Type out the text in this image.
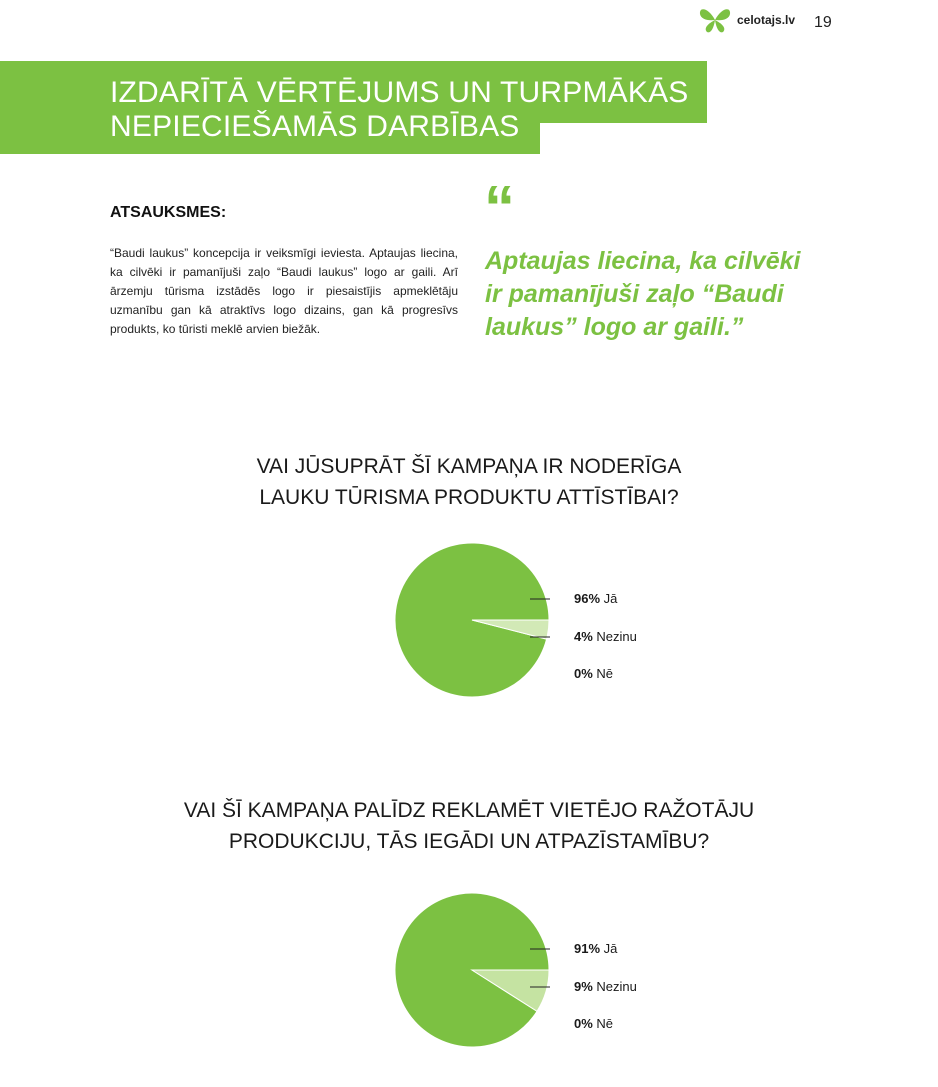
celotajs.lv 19
IZDARĪTĀ VĒRTĒJUMS UN TURPMĀKĀS
NEPIECIEŠAMĀS DARBĪBAS
ATSAUKSMES:

“Baudi laukus” koncepcija ir veiksmīgi ieviesta. Aptaujas liecina, ka cilvēki ir pamanījuši zaļo “Baudi laukus” logo ar gaili. Arī ārzemju tūrisma izstādēs logo ir piesaistījis apmeklētāju uzmanību gan kā atraktīvs logo dizains, gan kā progresīvs produkts, ko tūristi meklē arvien biežāk.

“

Aptaujas liecina, ka cilvēki ir pamanījuši zaļo “Baudi laukus” logo ar gaili.”

VAI JŪSUPRĀT ŠĪ KAMPAŅA IR NODERĪGA
LAUKU TŪRISMA PRODUKTU ATTĪSTĪBAI?
96% Jā
4% Nezinu
0% Nē
VAI ŠĪ KAMPAŅA PALĪDZ REKLAMĒT VIETĒJO RAŽOTĀJU
PRODUKCIJU, TĀS IEGĀDI UN ATPAZĪSTAMĪBU?
91% Jā
9% Nezinu
0% Nē
